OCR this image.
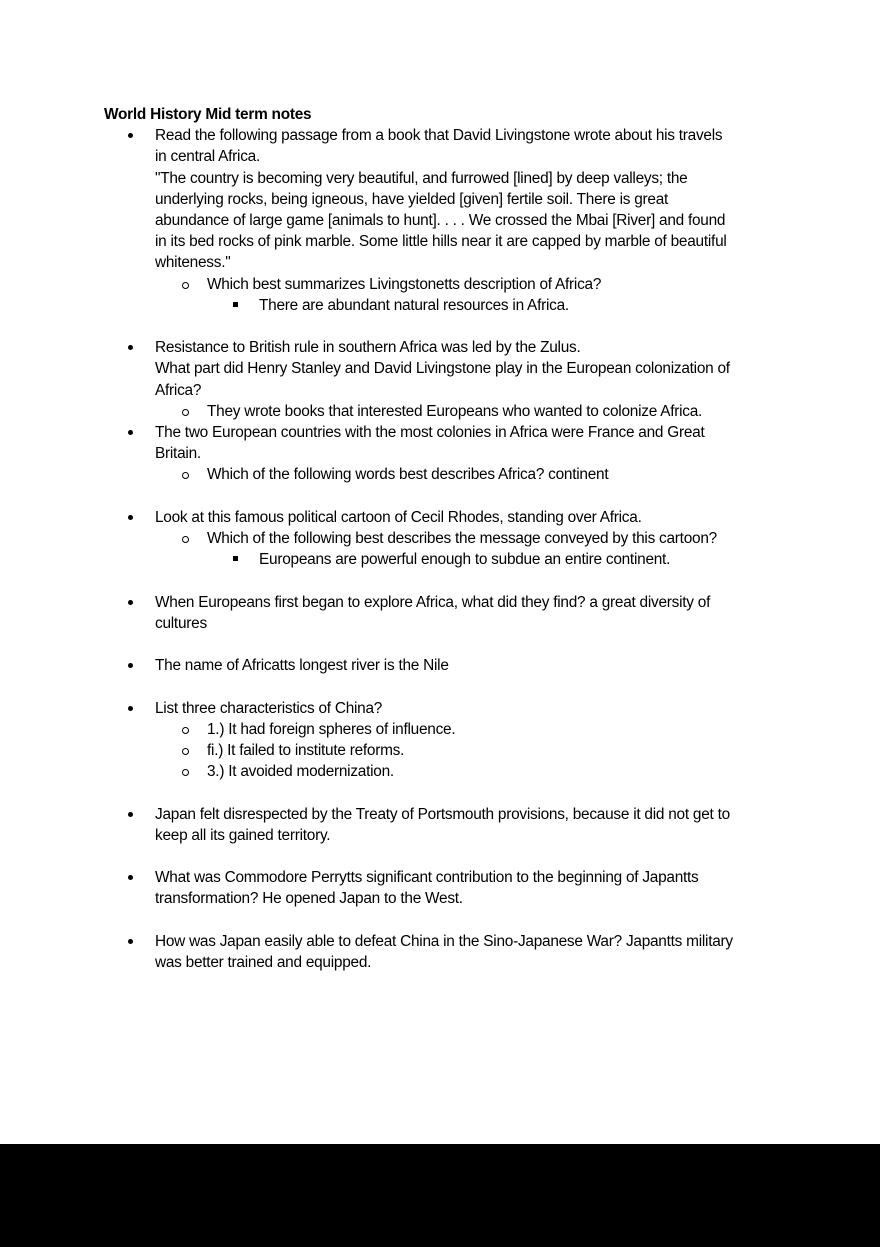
World History Mid term notes

Read the following passage from a book that David Livingstone wrote about his travels
in central Africa.
"The country is becoming very beautiful, and furrowed [lined] by deep valleys; the
underlying rocks, being igneous, have yielded [given] fertile soil. There is great
abundance of large game [animals to hunt]. . . . We crossed the Mbai [River] and found
in its bed rocks of pink marble. Some little hills near it are capped by marble of beautiful
whiteness."
Which best summarizes Livingstonetts description of Africa?
There are abundant natural resources in Africa.
Resistance to British rule in southern Africa was led by the Zulus.
What part did Henry Stanley and David Livingstone play in the European colonization of
Africa?
They wrote books that interested Europeans who wanted to colonize Africa.
The two European countries with the most colonies in Africa were France and Great
Britain.
Which of the following words best describes Africa? continent
Look at this famous political cartoon of Cecil Rhodes, standing over Africa.
Which of the following best describes the message conveyed by this cartoon?
Europeans are powerful enough to subdue an entire continent.
When Europeans first began to explore Africa, what did they find? a great diversity of
cultures
The name of Africatts longest river is the Nile
List three characteristics of China?
1.) It had foreign spheres of influence.
fi.) It failed to institute reforms.
3.) It avoided modernization.
Japan felt disrespected by the Treaty of Portsmouth provisions, because it did not get to
keep all its gained territory.
What was Commodore Perrytts significant contribution to the beginning of Japantts
transformation? He opened Japan to the West.
How was Japan easily able to defeat China in the Sino-Japanese War? Japantts military
was better trained and equipped.
